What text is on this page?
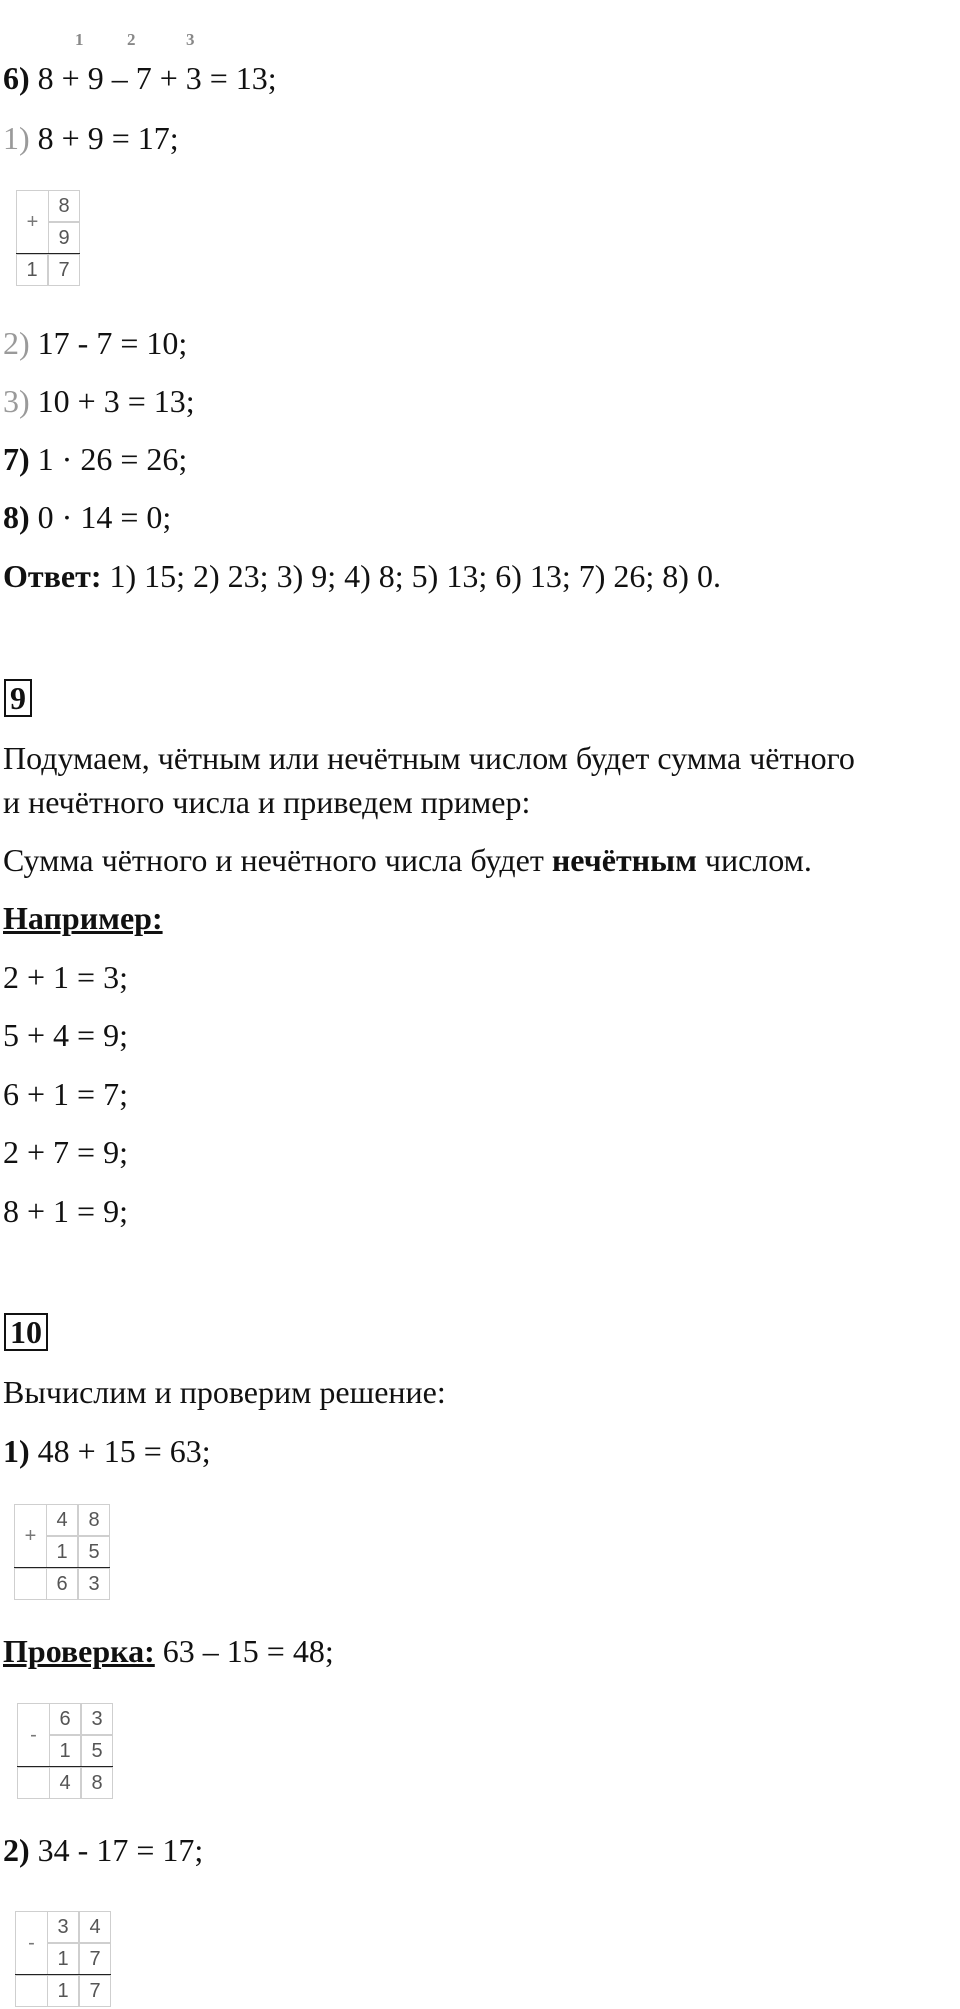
1	2	3
6) 8 + 9 – 7 + 3 = 13;
1) 8 + 9 = 17;
+
8
9
1	7
2) 17 - 7 = 10;
3) 10 + 3 = 13;
7) 1 · 26 = 26;
8) 0 · 14 = 0;
Ответ: 1) 15; 2) 23; 3) 9; 4) 8; 5) 13; 6) 13; 7) 26; 8) 0.
9
Подумаем, чётным или нечётным числом будет сумма чётного
и нечётного числа и приведем пример:
Сумма чётного и нечётного числа будет нечётным числом.
Например:
2 + 1 = 3;
5 + 4 = 9;
6 + 1 = 7;
2 + 7 = 9;
8 + 1 = 9;
10
Вычислим и проверим решение:
1) 48 + 15 = 63;
+
4	8
1	5
6	3
Проверка: 63 – 15 = 48;
-
6	3
1	5
4	8
2) 34 - 17 = 17;
-
3	4
1	7
1	7
